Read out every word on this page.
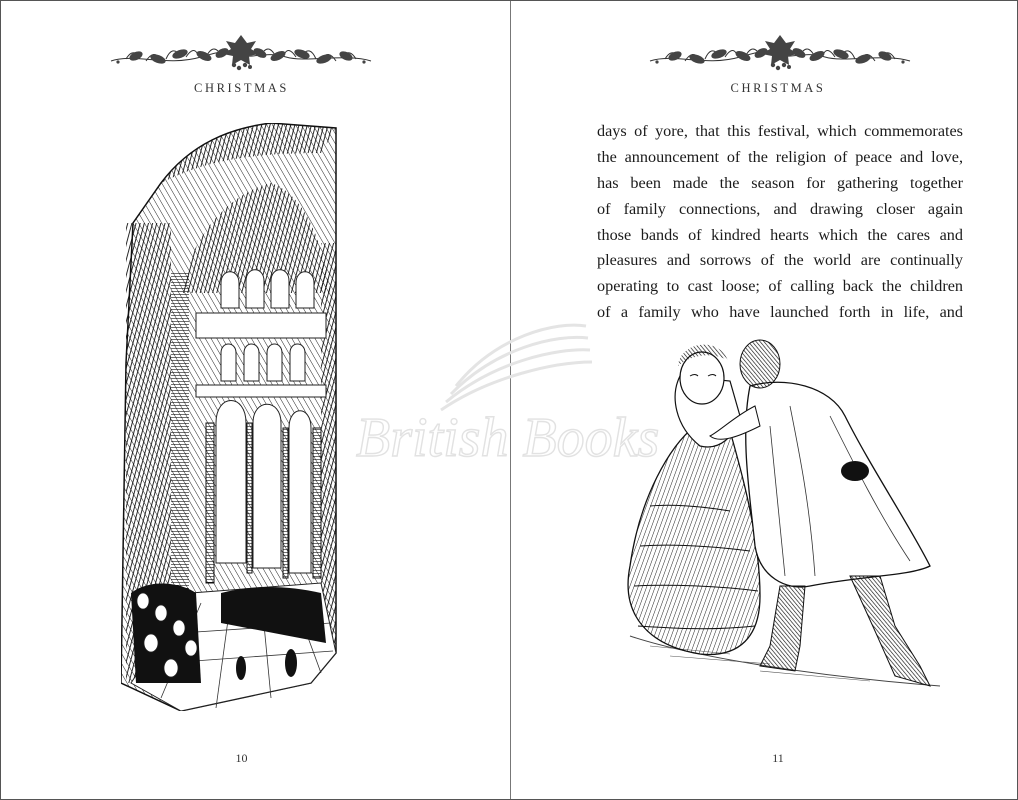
CHRISTMAS
10
CHRISTMAS
days of yore, that this festival, which commemorates
the announcement of the religion of peace and love,
has been made the season for gathering together
of family connections, and drawing closer again
those bands of kindred hearts which the cares and
pleasures and sorrows of the world are continually
operating to cast loose; of calling back the children
of a family who have launched forth in life, and
11
British Books
